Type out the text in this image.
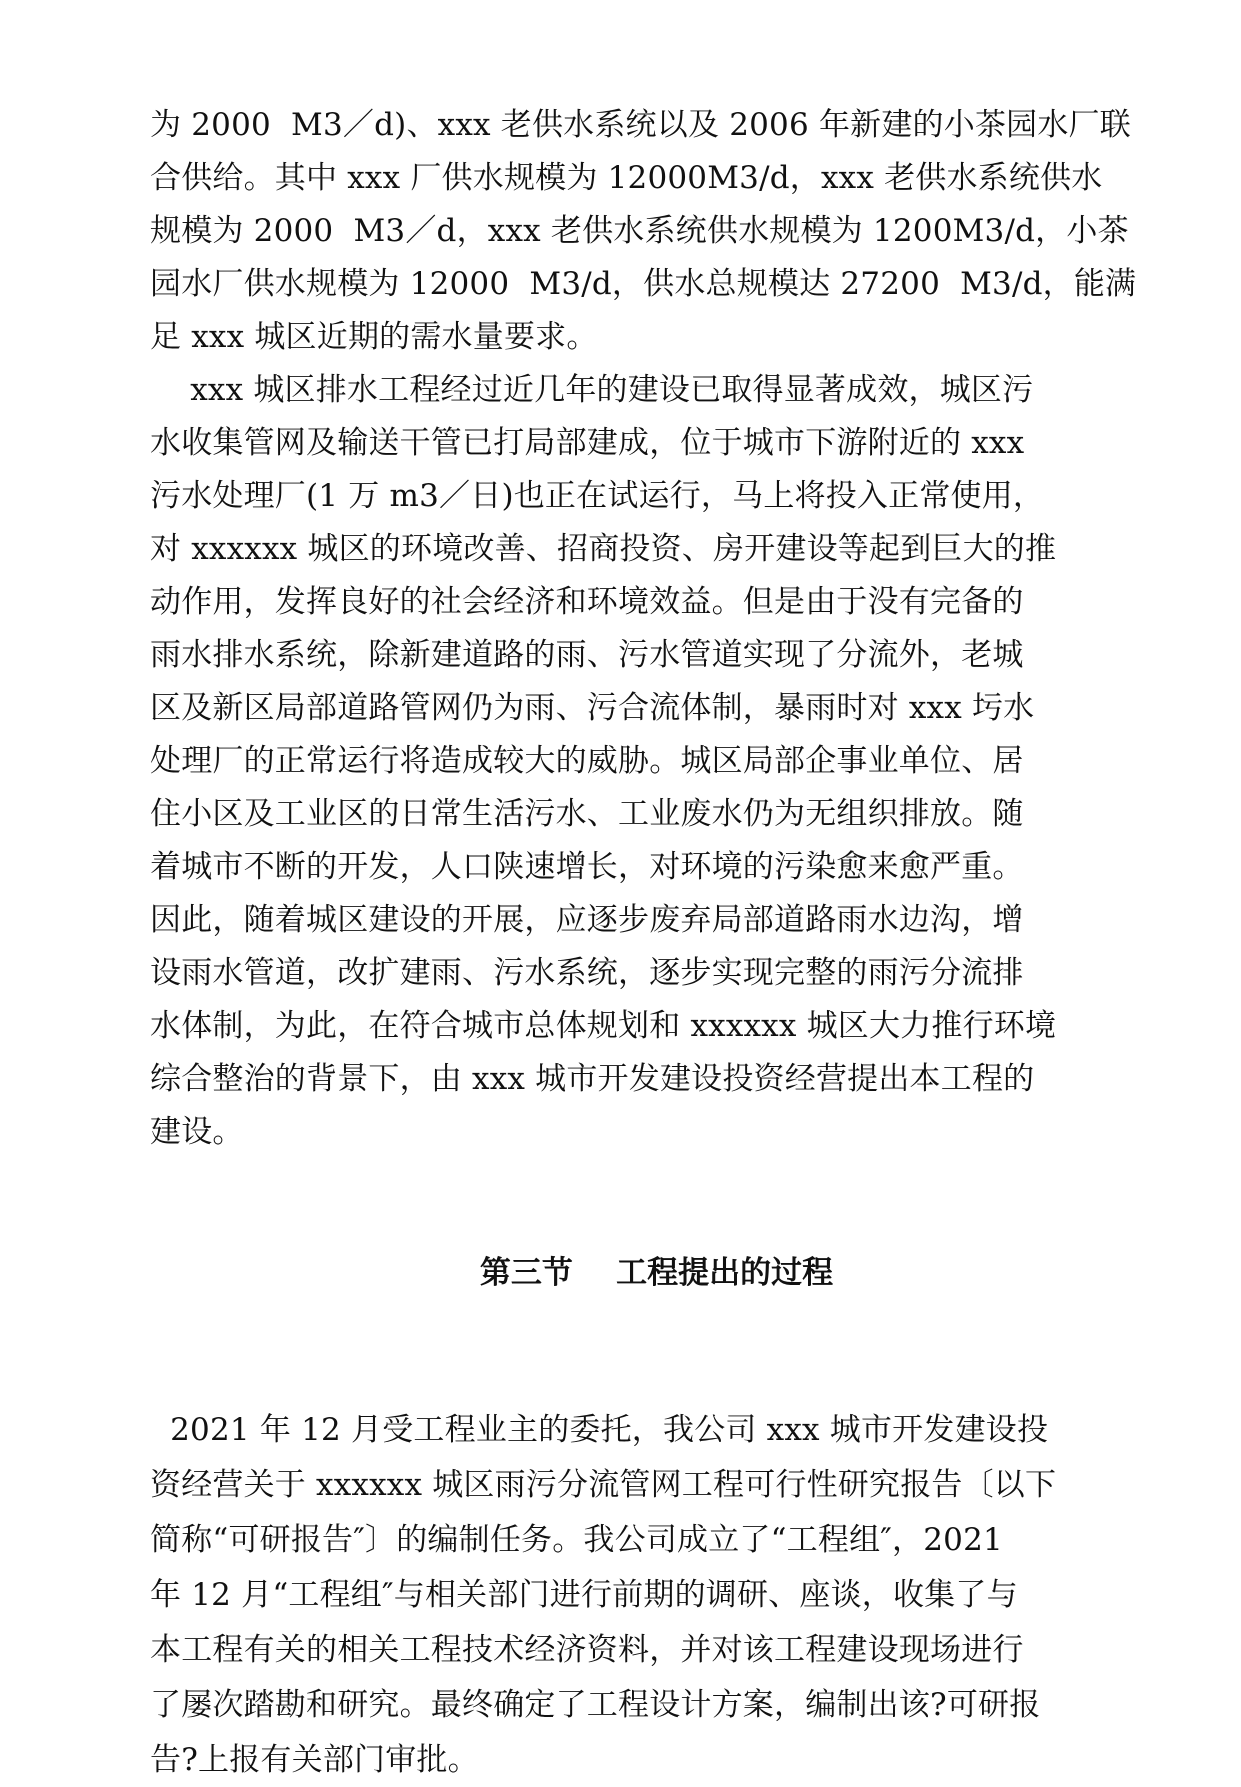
为 2000  M3／d)、xxx 老供水系统以及 2006 年新建的小茶园水厂联
合供给。其中 xxx 厂供水规模为 12000M3/d，xxx 老供水系统供水
规模为 2000  M3／d，xxx 老供水系统供水规模为 1200M3/d，小茶
园水厂供水规模为 12000  M3/d，供水总规模达 27200  M3/d，能满
足 xxx 城区近期的需水量要求。
xxx 城区排水工程经过近几年的建设已取得显著成效，城区污
水收集管网及输送干管已打局部建成，位于城市下游附近的 xxx
污水处理厂(1 万 m3／日)也正在试运行，马上将投入正常使用，
对 xxxxxx 城区的环境改善、招商投资、房开建设等起到巨大的推
动作用，发挥良好的社会经济和环境效益。但是由于没有完备的
雨水排水系统，除新建道路的雨、污水管道实现了分流外，老城
区及新区局部道路管网仍为雨、污合流体制，暴雨时对 xxx 圬水
处理厂的正常运行将造成较大的威胁。城区局部企事业单位、居
住小区及工业区的日常生活污水、工业废水仍为无组织排放。随
着城市不断的开发，人口陕速增长，对环境的污染愈来愈严重。
因此，随着城区建设的开展，应逐步废弃局部道路雨水边沟，增
设雨水管道，改扩建雨、污水系统，逐步实现完整的雨污分流排
水体制，为此，在符合城市总体规划和 xxxxxx 城区大力推行环境
综合整治的背景下，由 xxx 城市开发建设投资经营提出本工程的
建设。
第三节    工程提出的过程
2021 年 12 月受工程业主的委托，我公司 xxx 城市开发建设投
资经营关于 xxxxxx 城区雨污分流管网工程可行性研究报告〔以下
简称“可研报告″〕的编制任务。我公司成立了“工程组″，2021
年 12 月“工程组″与相关部门进行前期的调研、座谈，收集了与
本工程有关的相关工程技术经济资料，并对该工程建设现场进行
了屡次踏勘和研究。最终确定了工程设计方案，编制出该?可研报
告?上报有关部门审批。
